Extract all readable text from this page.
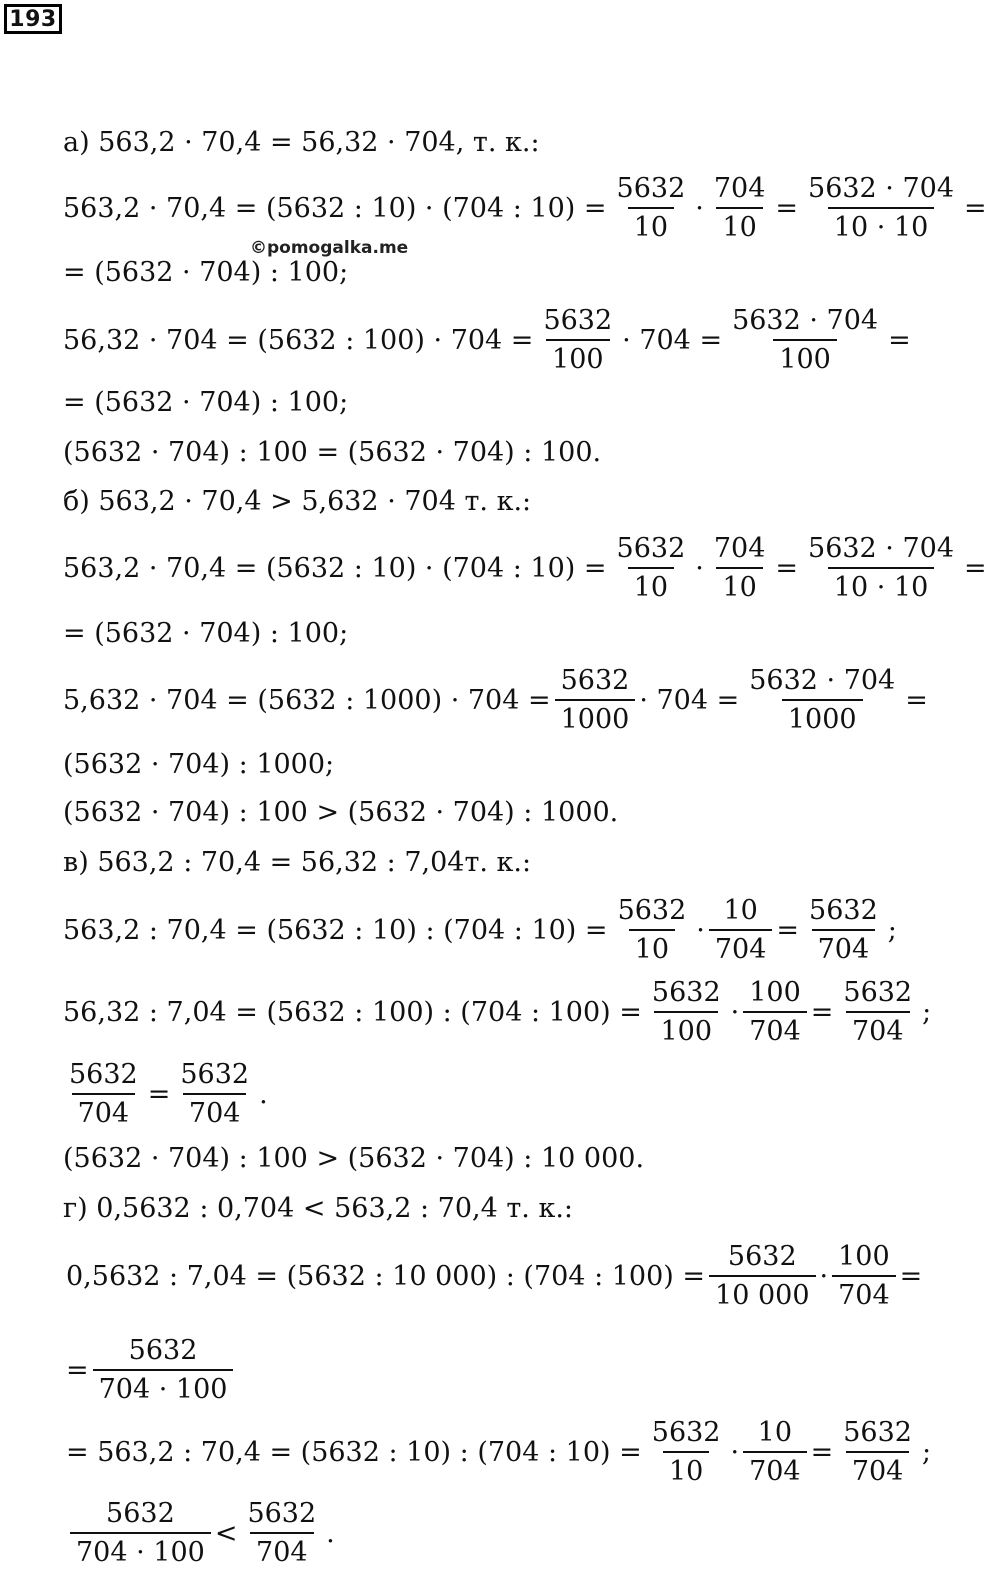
193
а) 563,2 · 70,4 = 56,32 · 704, т. к.:
563,2 · 70,4 = (5632 : 10) · (704 : $10) = \frac{5632}{10} \cdot \frac{704}{10} = \frac{5632 \cdot 704}{10 \cdot 10}$ =
= (5632 · 704) : 100;
56,32 · 704 = (5632 : $100) \cdot 704 = \frac{5632}{100} \cdot 704 = \frac{5632 \cdot 704}{100}$ =
= (5632 · 704) : 100;
(5632 · 704) : 100 = (5632 · 704) : 100.
б) 563,2 · 70,4 > 5,632 · 704 т. к.:
563,2 · 70,4 = (5632 : 10) · (704 : $10) = \frac{5632}{10} \cdot \frac{704}{10} = \frac{5632 \cdot 704}{10 \cdot 10}$ =
= (5632 · 704) : 100;
5,632 · 704 = (5632 : $1000) \cdot 704 = \frac{5632}{1000} \cdot 704 = \frac{5632 \cdot 704}{1000}$ =
(5632 · 704) : 1000;
(5632 · 704) : 100 > (5632 · 704) : 1000.
в) 563,2 : 70,4 = 56,32 : 7,04т. к.:
563,2 : 70,4 = (5632 : 10) : (704 : $10) = \frac{5632}{10} \cdot \frac{10}{704} = \frac{5632}{704}$ ;
56,32 : 7,04 = (5632 : 100) : (704 : $100) = \frac{5632}{100} \cdot \frac{100}{704} = \frac{5632}{704}$ ;
$\frac{5632}{704} = \frac{5632}{704}$ .
(5632 · 704) : 100 > (5632 · 704) : 10 000.
г) 0,5632 : 0,704 < 563,2 : 70,4 т. к.:
0,5632 : 7,04 = (5632 : 10 000) : (704 : $100) = \frac{5632}{10 000} \cdot \frac{100}{704}$ =
= $\frac{5632}{704 \cdot 100}$
= 563,2 : 70,4 = (5632 : 10) : (704 : $10) = \frac{5632}{10} \cdot \frac{10}{704} = \frac{5632}{704}$ ;
$\frac{5632}{704 \cdot 100} < \frac{5632}{704}$ .
©pomogalka.me
